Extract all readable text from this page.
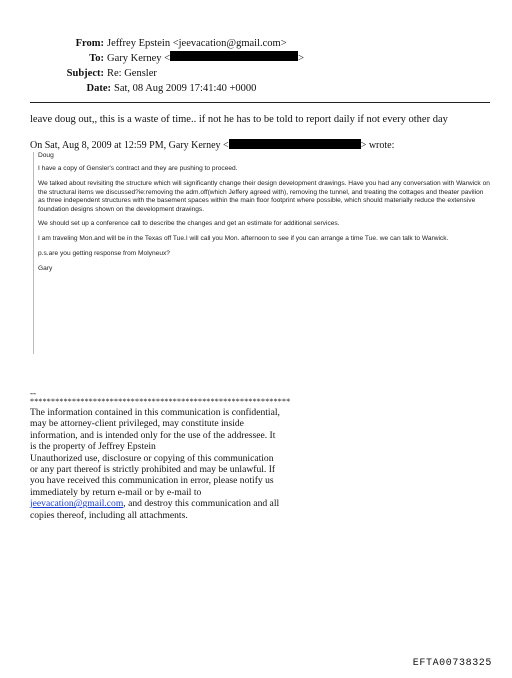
From: Jeffrey Epstein <jeevacation@gmail.com>
To: Gary Kerney <	>
Subject: Re: Gensler
Date: Sat, 08 Aug 2009 17:41:40 +0000
leave doug out,, this is a waste of time.. if not he has to be told to report daily if not every other day
On Sat, Aug 8, 2009 at 12:59 PM, Gary Kerney <	> wrote:

Doug

I have a copy of Gensler's contract and they are pushing to proceed.

We talked about revisiting the structure which will significantly change their design development drawings. Have you had any conversation with Warwick on the structural items we discussed?ie:removing the adm.off(which Jeffery agreed with), removing the tunnel, and treating the cottages and theater pavilion as three independent structures with the basement spaces within the main floor footprint where possible, which should materially reduce the extensive foundation designs shown on the development drawings.

We should set up a conference call to describe the changes and get an estimate for additional services.

I am traveling Mon.and will be in the Texas off Tue.I will call you Mon. afternoon to see if you can arrange a time Tue. we can talk to Warwick.

p.s.are you getting response from Molyneux?

Gary

--
**************************************************************
The information contained in this communication is confidential, may be attorney-client privileged, may constitute inside information, and is intended only for the use of the addressee. It is the property of Jeffrey Epstein
Unauthorized use, disclosure or copying of this communication or any part thereof is strictly prohibited and may be unlawful. If you have received this communication in error, please notify us immediately by return e-mail or by e-mail to jeevacation@gmail.com, and destroy this communication and all copies thereof, including all attachments.
EFTA00738325
